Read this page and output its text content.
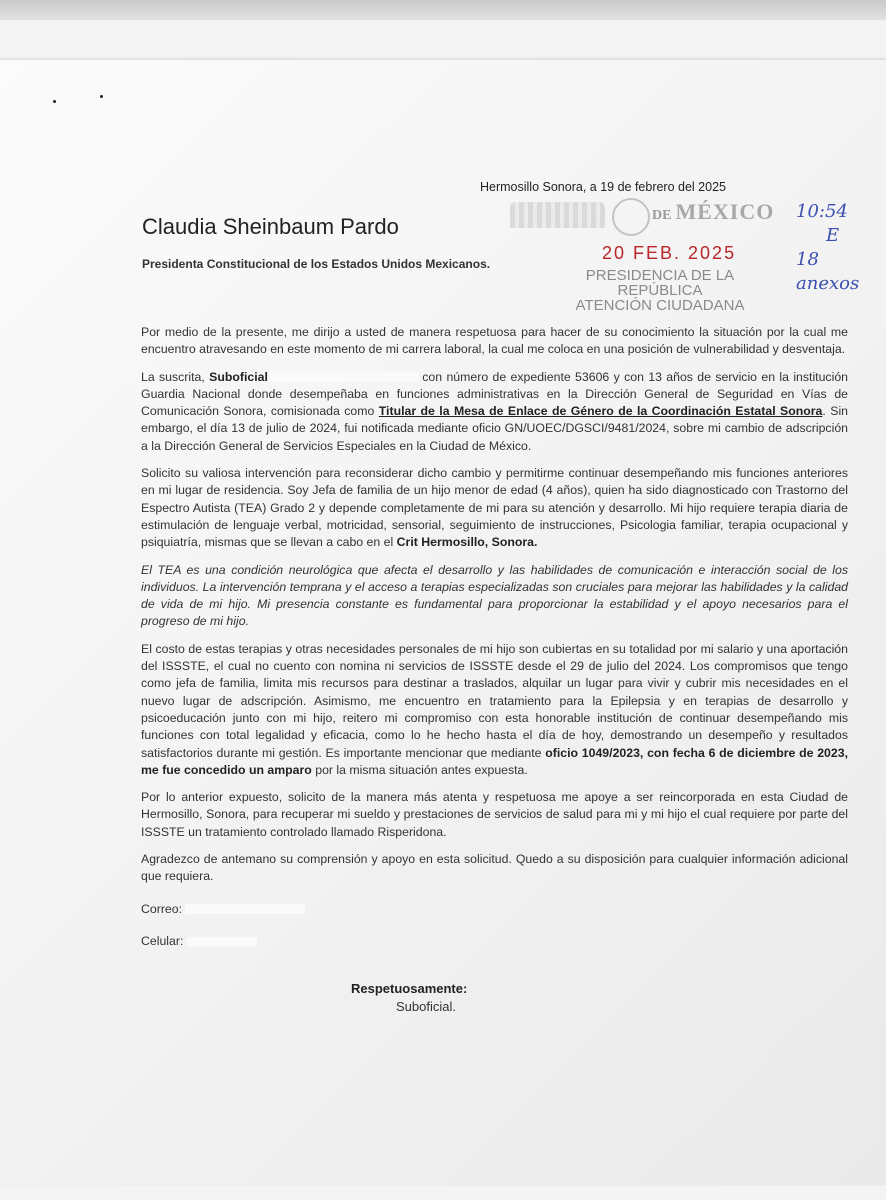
DE MÉXICO
Hermosillo Sonora, a 19 de febrero del 2025
Claudia Sheinbaum Pardo
Presidenta Constitucional de los Estados Unidos Mexicanos.
20 FEB. 2025
PRESIDENCIA DE LA
REPÚBLICA
ATENCIÓN CIUDADANA
10:54
E
18
anexos
Por medio de la presente, me dirijo a usted de manera respetuosa para hacer de su conocimiento la situación por la cual me encuentro atravesando en este momento de mi carrera laboral, la cual me coloca en una posición de vulnerabilidad y desventaja.
La suscrita, Suboficial	con número de expediente 53606 y con 13 años de servicio en la institución Guardia Nacional donde desempeñaba en funciones administrativas en la Dirección General de Seguridad en Vías de Comunicación Sonora, comisionada como Titular de la Mesa de Enlace de Género de la Coordinación Estatal Sonora. Sin embargo, el día 13 de julio de 2024, fui notificada mediante oficio GN/UOEC/DGSCI/9481/2024, sobre mi cambio de adscripción a la Dirección General de Servicios Especiales en la Ciudad de México.
Solicito su valiosa intervención para reconsiderar dicho cambio y permitirme continuar desempeñando mis funciones anteriores en mi lugar de residencia. Soy Jefa de familia de un hijo menor de edad (4 años), quien ha sido diagnosticado con Trastorno del Espectro Autista (TEA) Grado 2 y depende completamente de mi para su atención y desarrollo. Mi hijo requiere terapia diaria de estimulación de lenguaje verbal, motricidad, sensorial, seguimiento de instrucciones, Psicologia familiar, terapia ocupacional y psiquiatría, mismas que se llevan a cabo en el Crit Hermosillo, Sonora.
El TEA es una condición neurológica que afecta el desarrollo y las habilidades de comunicación e interacción social de los individuos. La intervención temprana y el acceso a terapias especializadas son cruciales para mejorar las habilidades y la calidad de vida de mi hijo. Mi presencia constante es fundamental para proporcionar la estabilidad y el apoyo necesarios para el progreso de mi hijo.
El costo de estas terapias y otras necesidades personales de mi hijo son cubiertas en su totalidad por mi salario y una aportación del ISSSTE, el cual no cuento con nomina ni servicios de ISSSTE desde el 29 de julio del 2024. Los compromisos que tengo como jefa de familia, limita mis recursos para destinar a traslados, alquilar un lugar para vivir y cubrir mis necesidades en el nuevo lugar de adscripción. Asimismo, me encuentro en tratamiento para la Epilepsia y en terapias de desarrollo y psicoeducación junto con mi hijo, reitero mi compromiso con esta honorable institución de continuar desempeñando mis funciones con total legalidad y eficacia, como lo he hecho hasta el día de hoy, demostrando un desempeño y resultados satisfactorios durante mi gestión. Es importante mencionar que mediante oficio 1049/2023, con fecha 6 de diciembre de 2023, me fue concedido un amparo por la misma situación antes expuesta.
Por lo anterior expuesto, solicito de la manera más atenta y respetuosa me apoye a ser reincorporada en esta Ciudad de Hermosillo, Sonora, para recuperar mi sueldo y prestaciones de servicios de salud para mi y mi hijo el cual requiere por parte del ISSSTE un tratamiento controlado llamado Risperidona.
Agradezco de antemano su comprensión y apoyo en esta solicitud. Quedo a su disposición para cualquier información adicional que requiera.
Correo:
Celular:
Respetuosamente:
Suboficial.
